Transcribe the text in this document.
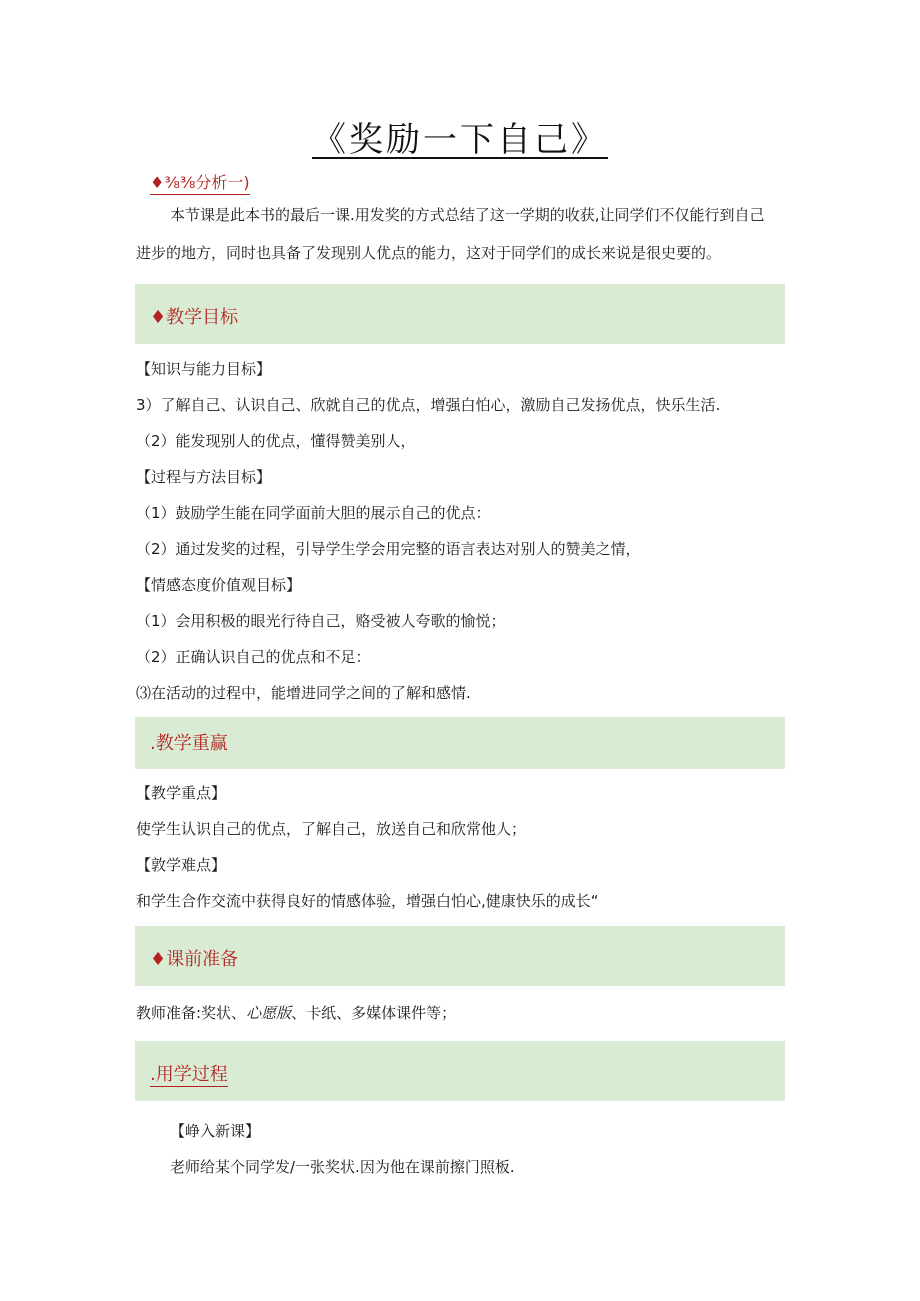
《奖励一下自己》
♦⅜⅜分析一)
本节课是此本书的最后一课.用发奖的方式总结了这一学期的收获,让同学们不仅能行到自己
进步的地方，同时也具备了发现别人优点的能力，这对于同学们的成长来说是很史要的。
♦教学目标
【知识与能力目标】
3）了解自己、认识自己、欣就自己的优点，增强白怕心，激励自己发扬优点，快乐生活.
（2）能发现别人的优点，懂得赞美别人，
【过程与方法目标】
（1）鼓励学生能在同学面前大胆的展示自己的优点：
（2）通过发奖的过程，引导学生学会用完整的语言表达对别人的赞美之情，
【情感态度价值观目标】
（1）会用积极的眼光行待自己，赂受被人夸歌的愉悦；
（2）正确认识自己的优点和不足：
⑶在活动的过程中，能增进同学之间的了解和感情.
.教学重赢
【教学重点】
使学生认识自己的优点，了解自己，放送自己和欣常他人；
【敦学难点】
和学生合作交流中获得良好的情感体验，增强白怕心,健康快乐的成长“
♦课前准备
教师准备:奖状、心愿版、卡纸、多媒体课件等；
.用学过程
【峥入新课】
老师给某个同学发/一张奖状.因为他在课前擦门照板.
